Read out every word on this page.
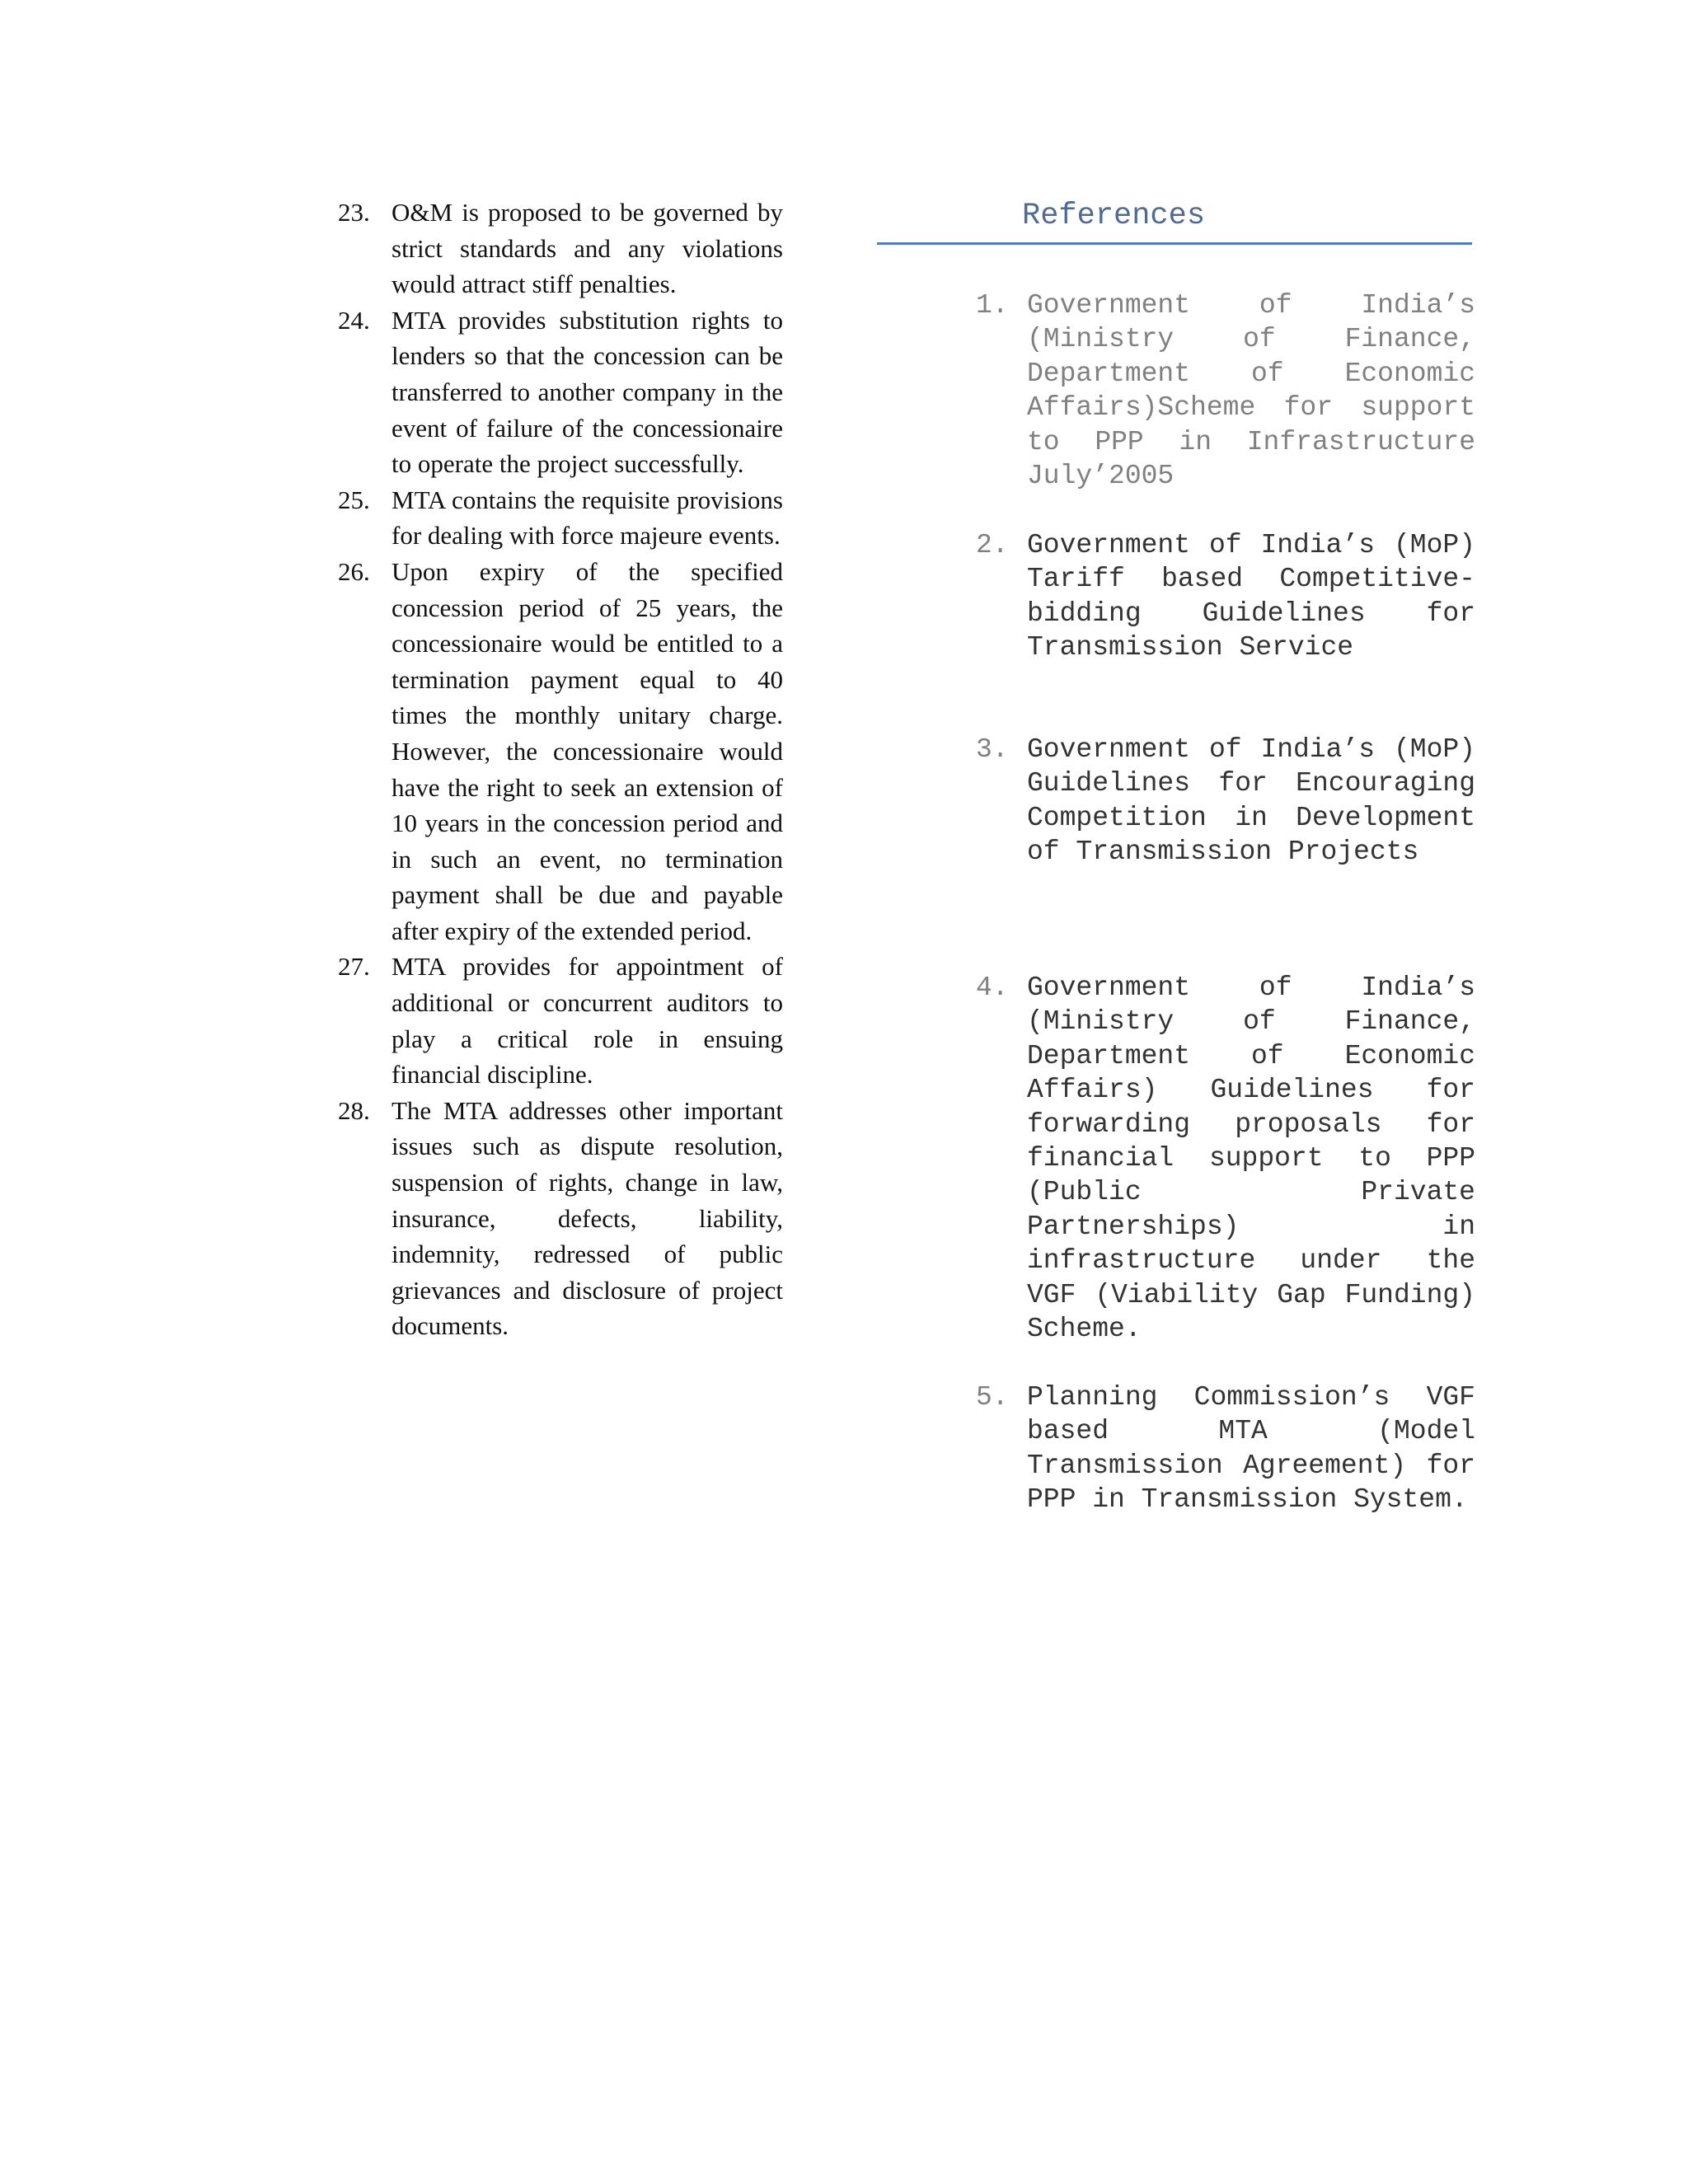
23. O&M is proposed to be governed by strict standards and any violations would attract stiff penalties.
24. MTA provides substitution rights to lenders so that the concession can be transferred to another company in the event of failure of the concessionaire to operate the project successfully.
25. MTA contains the requisite provisions for dealing with force majeure events.
26. Upon expiry of the specified concession period of 25 years, the concessionaire would be entitled to a termination payment equal to 40 times the monthly unitary charge. However, the concessionaire would have the right to seek an extension of 10 years in the concession period and in such an event, no termination payment shall be due and payable after expiry of the extended period.
27. MTA provides for appointment of additional or concurrent auditors to play a critical role in ensuing financial discipline.
28. The MTA addresses other important issues such as dispute resolution, suspension of rights, change in law, insurance, defects, liability, indemnity, redressed of public grievances and disclosure of project documents.
References
1. Government of India’s (Ministry of Finance, Department of Economic Affairs)Scheme for support to PPP in Infrastructure July’2005
2. Government of India’s (MoP) Tariff based Competitive-bidding Guidelines for Transmission Service
3. Government of India’s (MoP) Guidelines for Encouraging Competition in Development of Transmission Projects
4. Government of India’s (Ministry of Finance, Department of Economic Affairs) Guidelines for forwarding proposals for financial support to PPP (Public Private Partnerships) in infrastructure under the VGF (Viability Gap Funding) Scheme.
5. Planning Commission’s VGF based MTA (Model Transmission Agreement) for PPP in Transmission System.
